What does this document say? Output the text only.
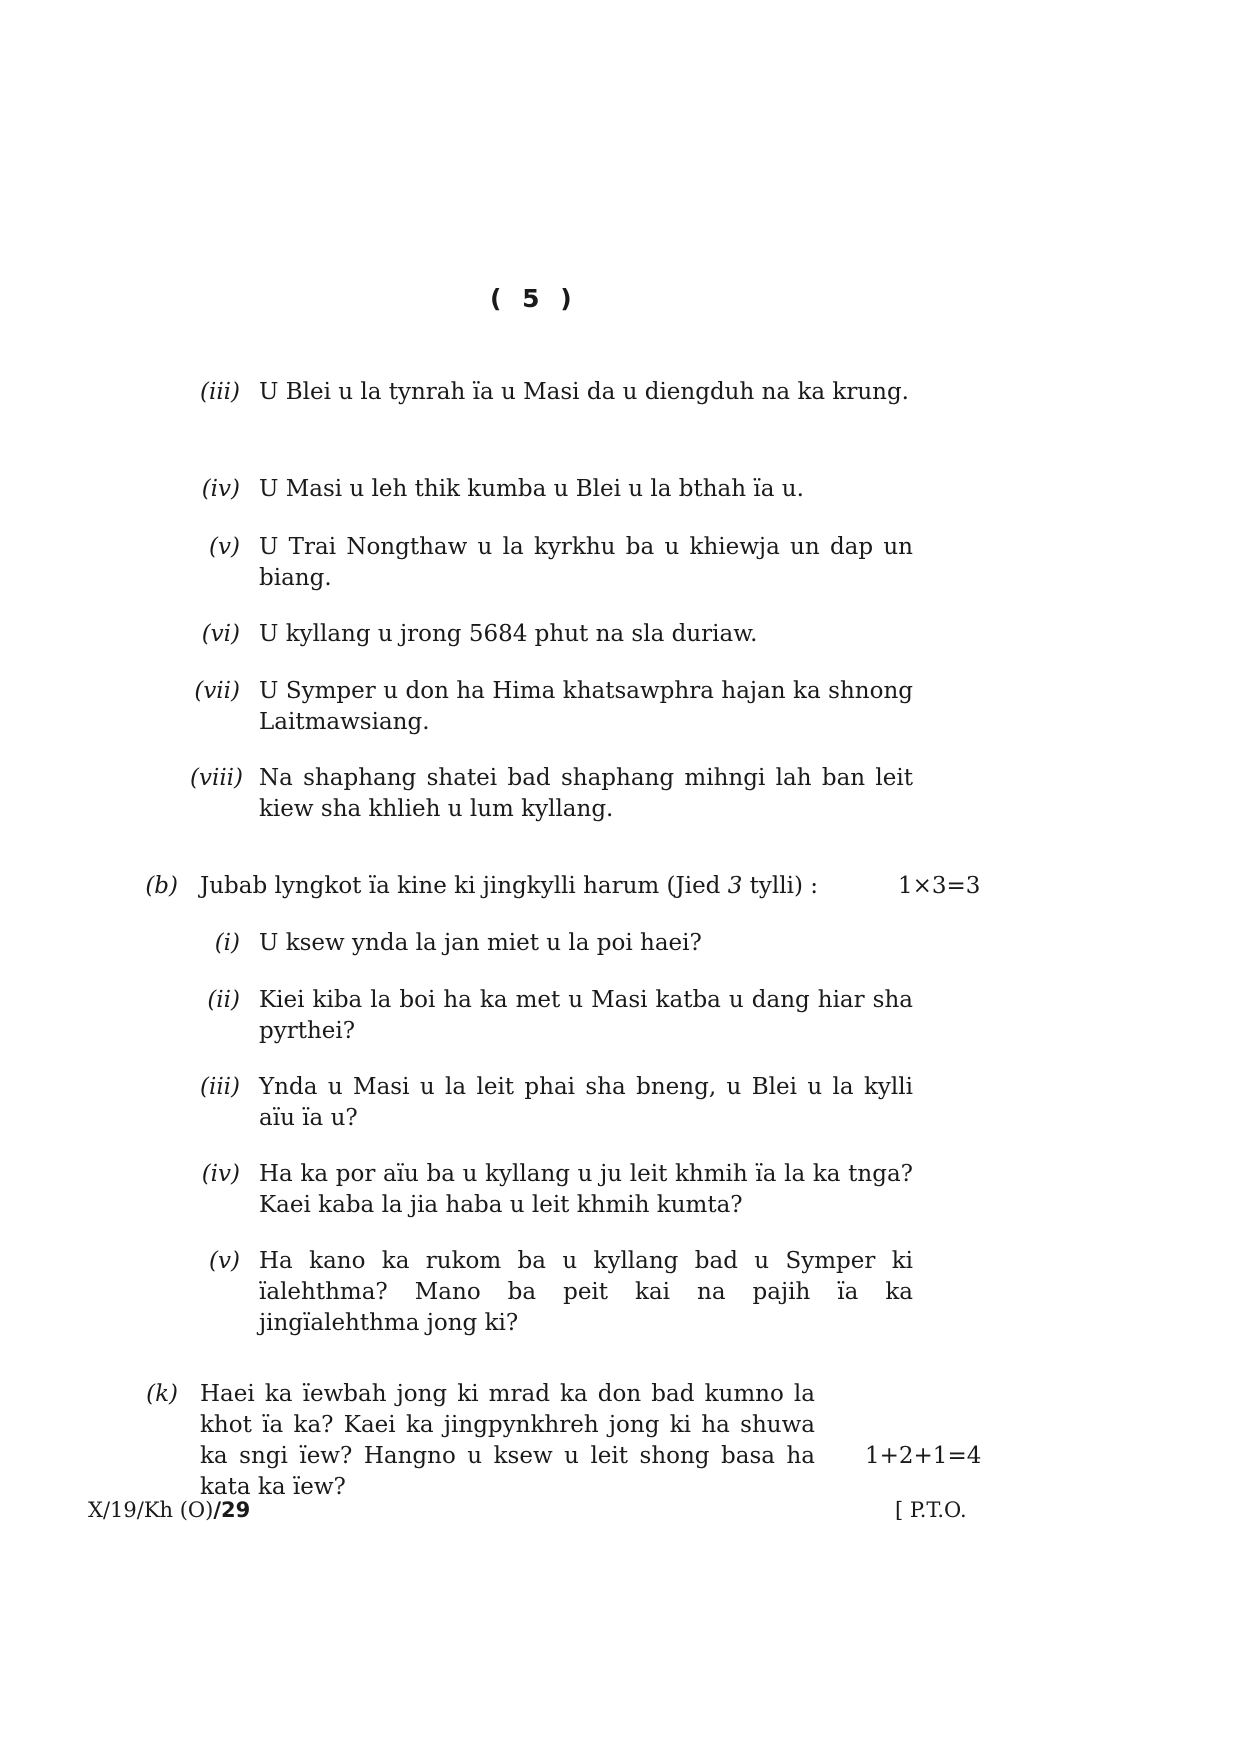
( 5 )
(iii) U Blei u la tynrah ïa u Masi da u diengduh na ka krung.
(iv) U Masi u leh thik kumba u Blei u la bthah ïa u.
(v) U Trai Nongthaw u la kyrkhu ba u khiewja un dap un biang.
(vi) U kyllang u jrong 5684 phut na sla duriaw.
(vii) U Symper u don ha Hima khatsawphra hajan ka shnong Laitmawsiang.
(viii) Na shaphang shatei bad shaphang mihngi lah ban leit kiew sha khlieh u lum kyllang.
(b) Jubab lyngkot ïa kine ki jingkylli harum (Jied 3 tylli) :	1×3=3
(i) U ksew ynda la jan miet u la poi haei?
(ii) Kiei kiba la boi ha ka met u Masi katba u dang hiar sha pyrthei?
(iii) Ynda u Masi u la leit phai sha bneng, u Blei u la kylli aïu ïa u?
(iv) Ha ka por aïu ba u kyllang u ju leit khmih ïa la ka tnga? Kaei kaba la jia haba u leit khmih kumta?
(v) Ha kano ka rukom ba u kyllang bad u Symper ki ïalehthma? Mano ba peit kai na pajih ïa ka jingïalehthma jong ki?
(k) Haei ka ïewbah jong ki mrad ka don bad kumno la khot ïa ka? Kaei ka jingpynkhreh jong ki ha shuwa ka sngi ïew? Hangno u ksew u leit shong basa ha kata ka ïew?
1+2+1=4
X/19/Kh (O)/29	[ P.T.O.
